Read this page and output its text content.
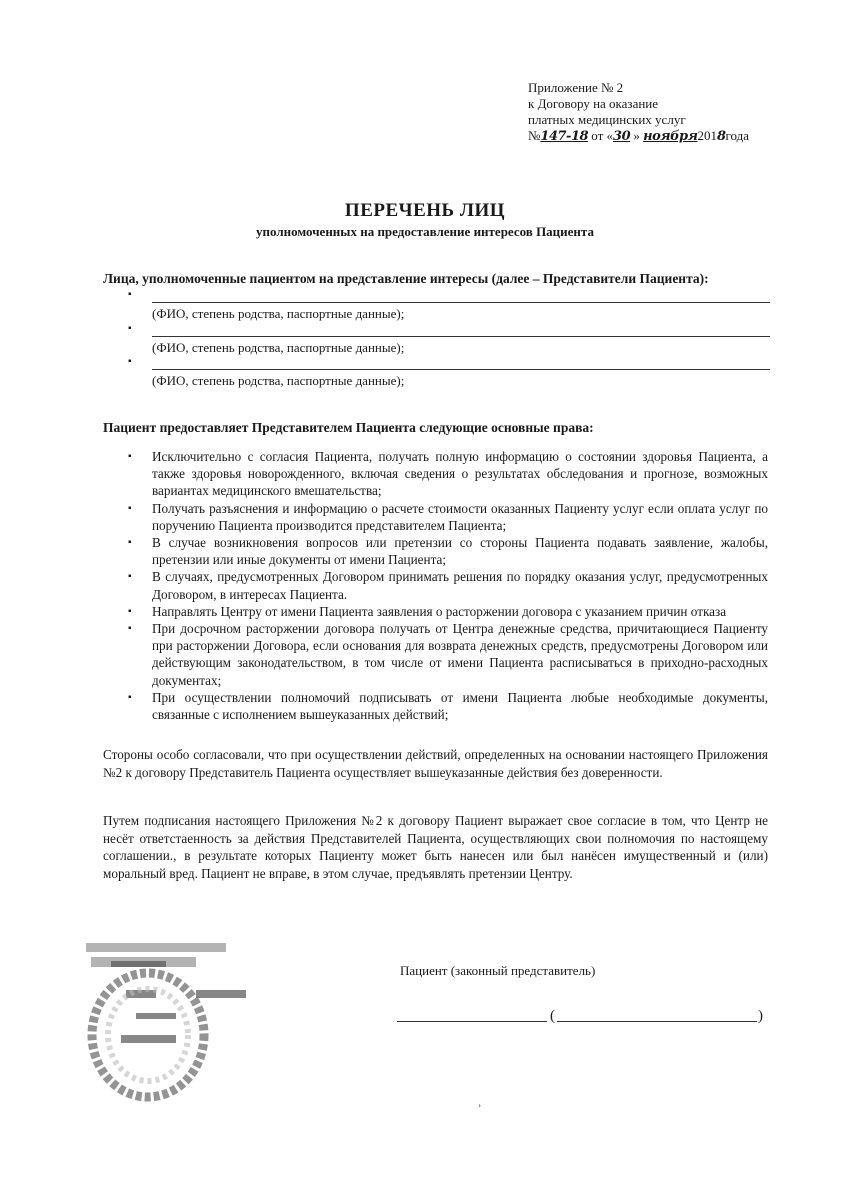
Приложение № 2
к Договору на оказание
платных медицинских услуг
№147-18 от «30 » ноября2018года
ПЕРЕЧЕНЬ ЛИЦ
уполномоченных на предоставление интересов Пациента
Лица, уполномоченные пациентом на представление интересы (далее – Представители Пациента):
▪
(ФИО, степень родства, паспортные данные);
▪
(ФИО, степень родства, паспортные данные);
▪
(ФИО, степень родства, паспортные данные);
Пациент предоставляет Представителем Пациента следующие основные права:
▪ Исключительно с согласия Пациента, получать полную информацию о состоянии здоровья Пациента, а также здоровья новорожденного, включая сведения о результатах обследования и прогнозе, возможных вариантах медицинского вмешательства;
▪ Получать разъяснения и информацию о расчете стоимости оказанных Пациенту услуг если оплата услуг по поручению Пациента производится представителем Пациента;
▪ В случае возникновения вопросов или претензии со стороны Пациента подавать заявление, жалобы, претензии или иные документы от имени Пациента;
▪ В случаях, предусмотренных Договором принимать решения по порядку оказания услуг, предусмотренных Договором, в интересах Пациента.
▪ Направлять Центру от имени Пациента заявления о расторжении договора с указанием причин отказа
▪ При досрочном расторжении договора получать от Центра денежные средства, причитающиеся Пациенту при расторжении Договора, если основания для возврата денежных средств, предусмотрены Договором или действующим законодательством, в том числе от имени Пациента расписываться в приходно-расходных документах;
▪ При осуществлении полномочий подписывать от имени Пациента любые необходимые документы, связанные с исполнением вышеуказанных действий;
Стороны особо согласовали, что при осуществлении действий, определенных на основании настоящего Приложения №2 к договору Представитель Пациента осуществляет вышеуказанные действия без доверенности.
Путем подписания настоящего Приложения №2 к договору Пациент выражает свое согласие в том, что Центр не несёт ответстаенность за действия Представителей Пациента, осуществляющих свои полномочия по настоящему соглашении., в результате которых Пациенту может быть нанесен или был нанёсен имущественный и (или) моральный вред. Пациент не вправе, в этом случае, предъявлять претензии Центру.
Пациент (законный представитель)
(	)
›
